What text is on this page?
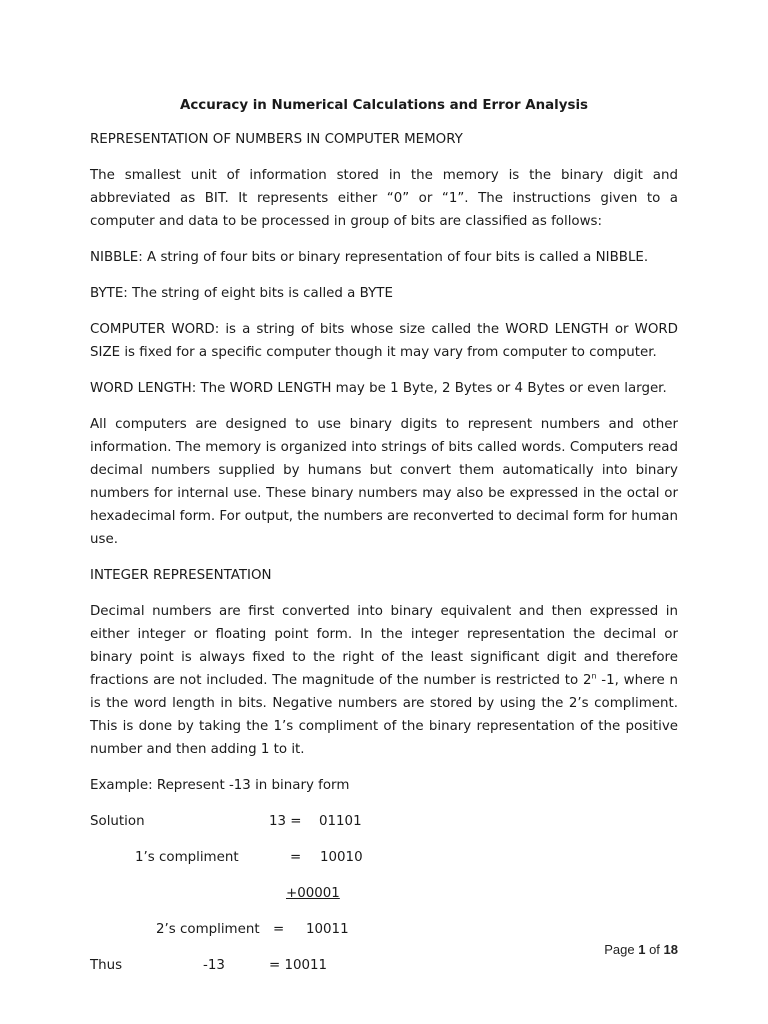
Accuracy in Numerical Calculations and Error Analysis

REPRESENTATION OF NUMBERS IN COMPUTER MEMORY

The smallest unit of information stored in the memory is the binary digit and abbreviated as BIT. It represents either “0” or “1”. The instructions given to a computer and data to be processed in group of bits are classified as follows:

NIBBLE: A string of four bits or binary representation of four bits is called a NIBBLE.

BYTE: The string of eight bits is called a BYTE

COMPUTER WORD: is a string of bits whose size called the WORD LENGTH or WORD SIZE is fixed for a specific computer though it may vary from computer to computer.

WORD LENGTH: The WORD LENGTH may be 1 Byte, 2 Bytes or 4 Bytes or even larger.

All computers are designed to use binary digits to represent numbers and other information. The memory is organized into strings of bits called words. Computers read decimal numbers supplied by humans but convert them automatically into binary numbers for internal use. These binary numbers may also be expressed in the octal or hexadecimal form. For output, the numbers are reconverted to decimal form for human use.

INTEGER REPRESENTATION

Decimal numbers are first converted into binary equivalent and then expressed in either integer or floating point form. In the integer representation the decimal or binary point is always fixed to the right of the least significant digit and therefore fractions are not included. The magnitude of the number is restricted to 2$^n$ -1, where n is the word length in bits. Negative numbers are stored by using the 2’s compliment. This is done by taking the 1’s compliment of the binary representation of the positive number and then adding 1 to it.

Example: Represent -13 in binary form

Solution	13 = 01101
1’s compliment	= 10010
+00001
2’s compliment = 10011
Thus	-13	= 10011
Page 1 of 18
